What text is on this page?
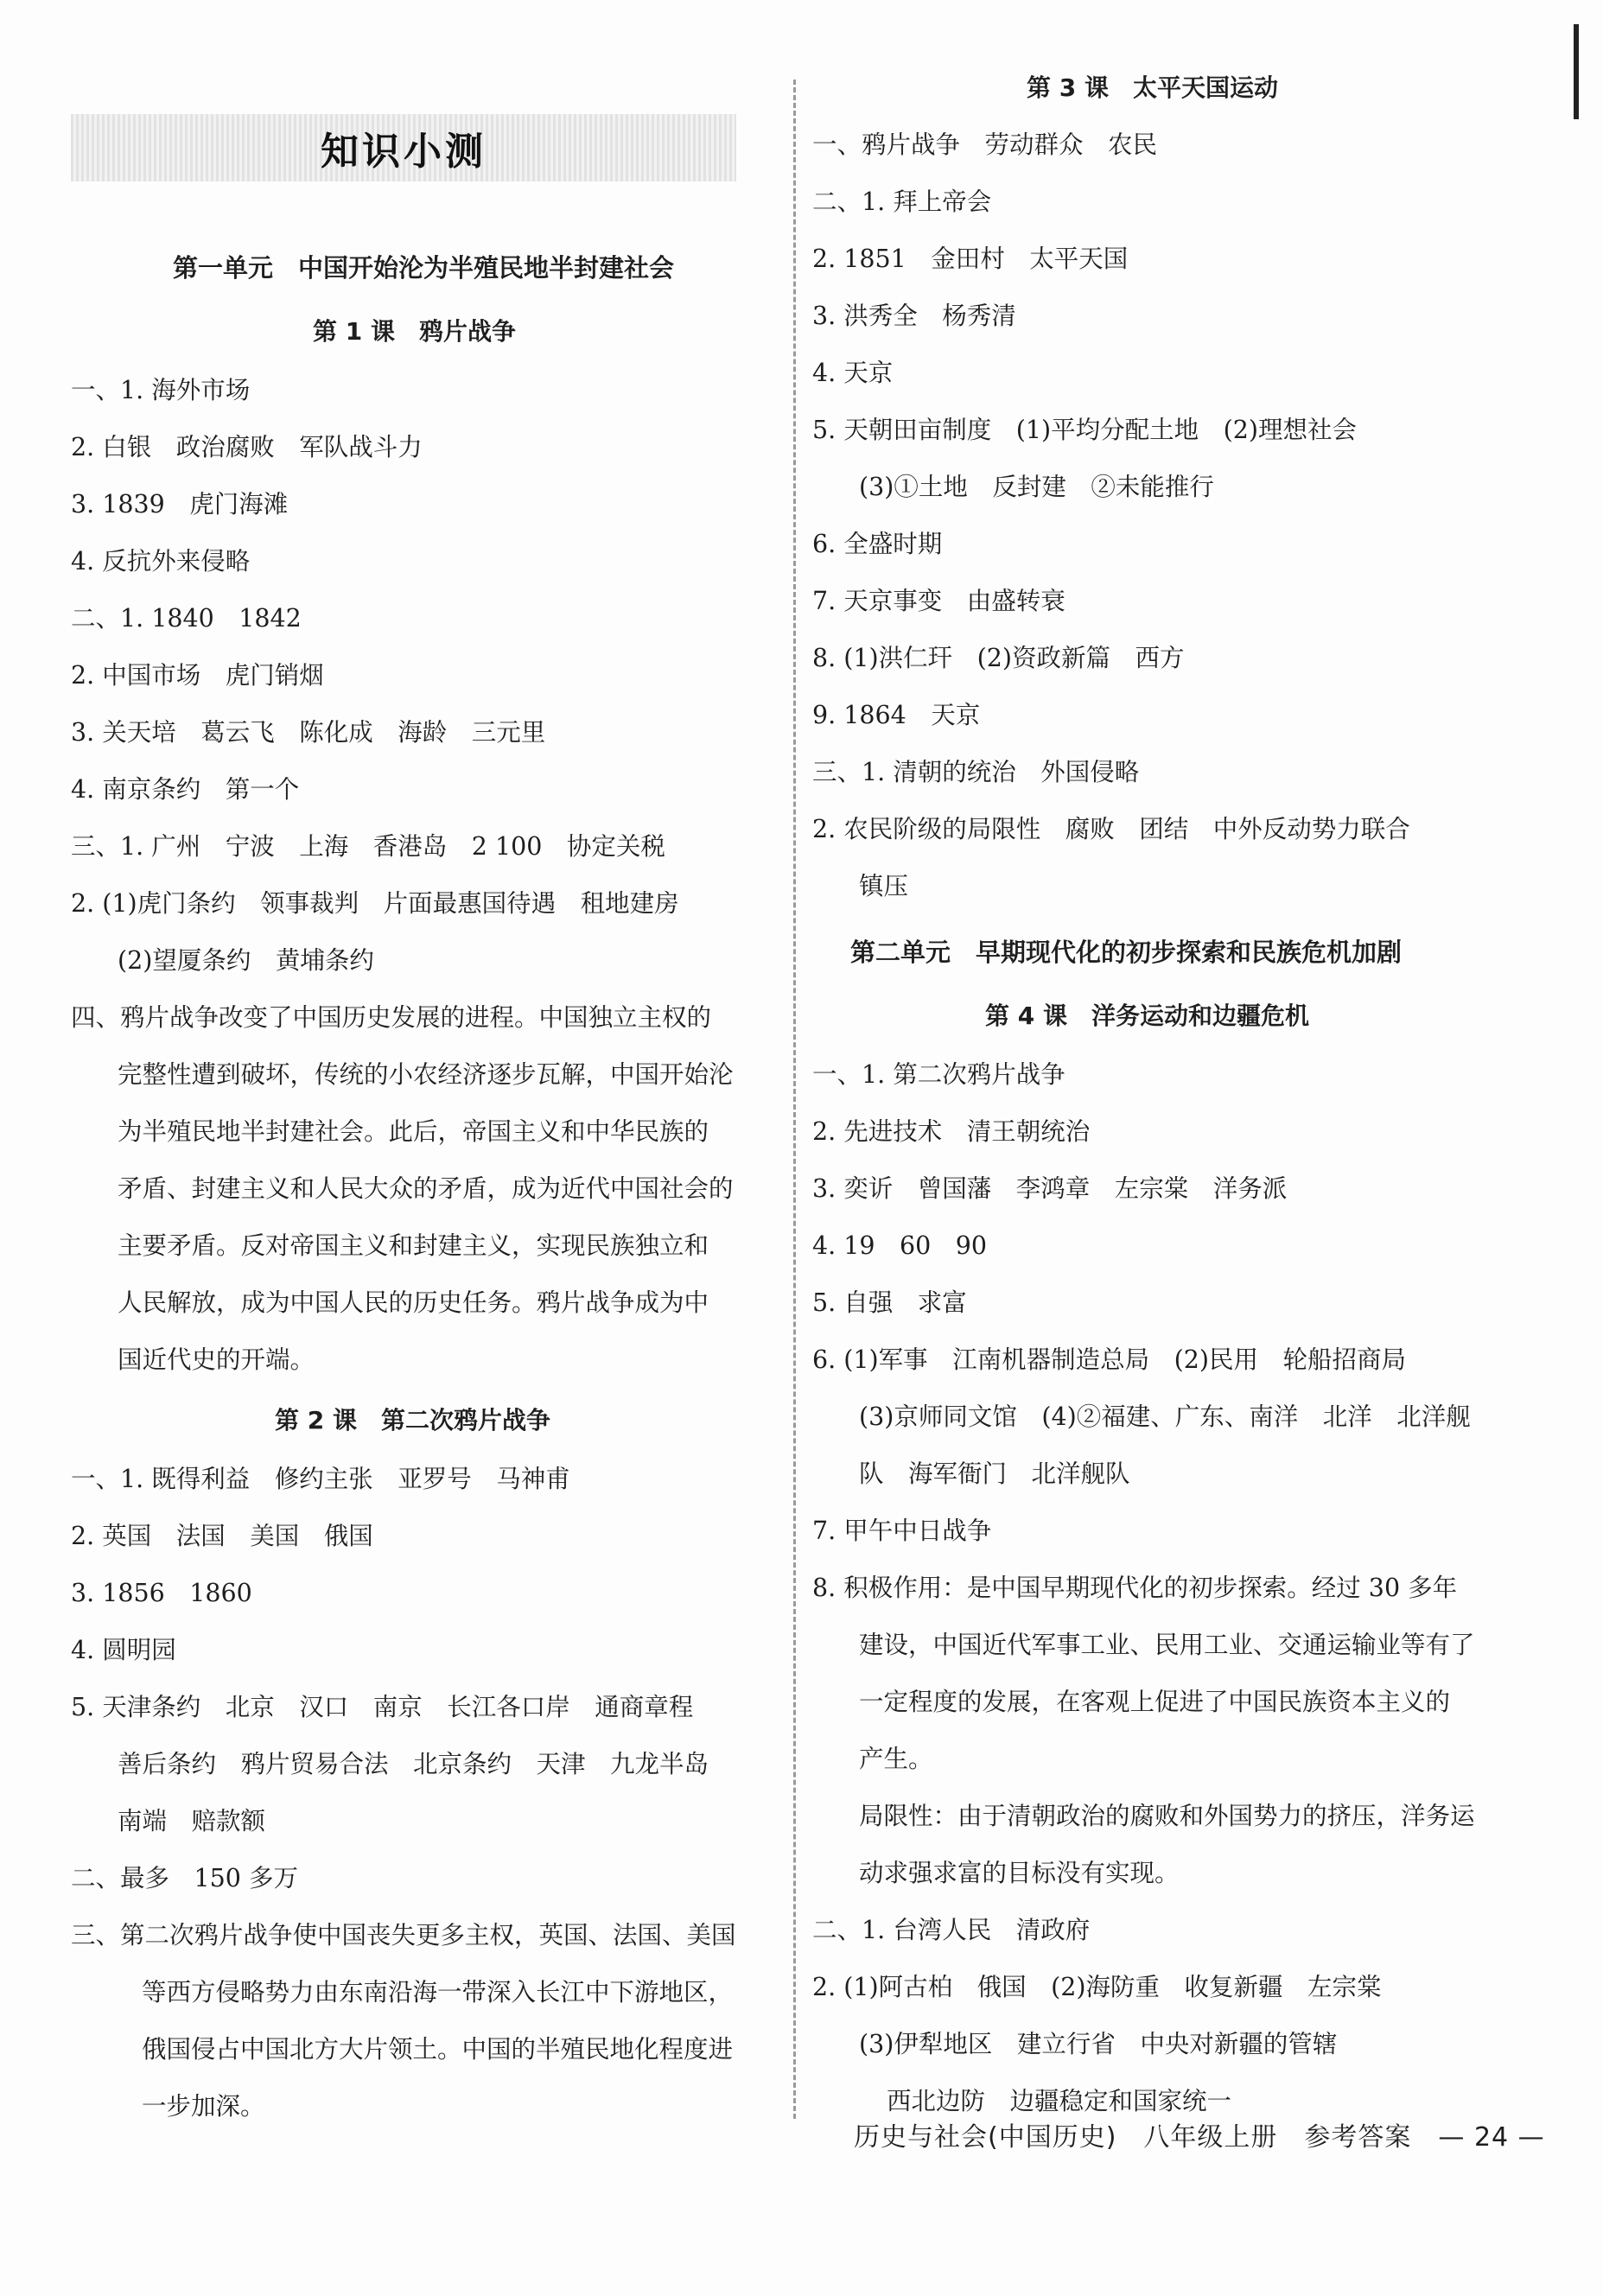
知识小测
第一单元　中国开始沦为半殖民地半封建社会
第 1 课　鸦片战争
一、1. 海外市场
2. 白银　政治腐败　军队战斗力
3. 1839　虎门海滩
4. 反抗外来侵略
二、1. 1840　1842
2. 中国市场　虎门销烟
3. 关天培　葛云飞　陈化成　海龄　三元里
4. 南京条约　第一个
三、1. 广州　宁波　上海　香港岛　2 100　协定关税
2. (1)虎门条约　领事裁判　片面最惠国待遇　租地建房
(2)望厦条约　黄埔条约
四、鸦片战争改变了中国历史发展的进程。中国独立主权的
完整性遭到破坏，传统的小农经济逐步瓦解，中国开始沦
为半殖民地半封建社会。此后，帝国主义和中华民族的
矛盾、封建主义和人民大众的矛盾，成为近代中国社会的
主要矛盾。反对帝国主义和封建主义，实现民族独立和
人民解放，成为中国人民的历史任务。鸦片战争成为中
国近代史的开端。
第 2 课　第二次鸦片战争
一、1. 既得利益　修约主张　亚罗号　马神甫
2. 英国　法国　美国　俄国
3. 1856　1860
4. 圆明园
5. 天津条约　北京　汉口　南京　长江各口岸　通商章程
善后条约　鸦片贸易合法　北京条约　天津　九龙半岛
南端　赔款额
二、最多　150 多万
三、第二次鸦片战争使中国丧失更多主权，英国、法国、美国
等西方侵略势力由东南沿海一带深入长江中下游地区，
俄国侵占中国北方大片领土。中国的半殖民地化程度进
一步加深。
第 3 课　太平天国运动
一、鸦片战争　劳动群众　农民
二、1. 拜上帝会
2. 1851　金田村　太平天国
3. 洪秀全　杨秀清
4. 天京
5. 天朝田亩制度　(1)平均分配土地　(2)理想社会
(3)①土地　反封建　②未能推行
6. 全盛时期
7. 天京事变　由盛转衰
8. (1)洪仁玕　(2)资政新篇　西方
9. 1864　天京
三、1. 清朝的统治　外国侵略
2. 农民阶级的局限性　腐败　团结　中外反动势力联合
镇压
第二单元　早期现代化的初步探索和民族危机加剧
第 4 课　洋务运动和边疆危机
一、1. 第二次鸦片战争
2. 先进技术　清王朝统治
3. 奕䜣　曾国藩　李鸿章　左宗棠　洋务派
4. 19　60　90
5. 自强　求富
6. (1)军事　江南机器制造总局　(2)民用　轮船招商局
(3)京师同文馆　(4)②福建、广东、南洋　北洋　北洋舰
队　海军衙门　北洋舰队
7. 甲午中日战争
8. 积极作用：是中国早期现代化的初步探索。经过 30 多年
建设，中国近代军事工业、民用工业、交通运输业等有了
一定程度的发展，在客观上促进了中国民族资本主义的
产生。
局限性：由于清朝政治的腐败和外国势力的挤压，洋务运
动求强求富的目标没有实现。
二、1. 台湾人民　清政府
2. (1)阿古柏　俄国　(2)海防重　收复新疆　左宗棠
(3)伊犁地区　建立行省　中央对新疆的管辖
西北边防　边疆稳定和国家统一
历史与社会(中国历史)　八年级上册　参考答案　— 24 —
